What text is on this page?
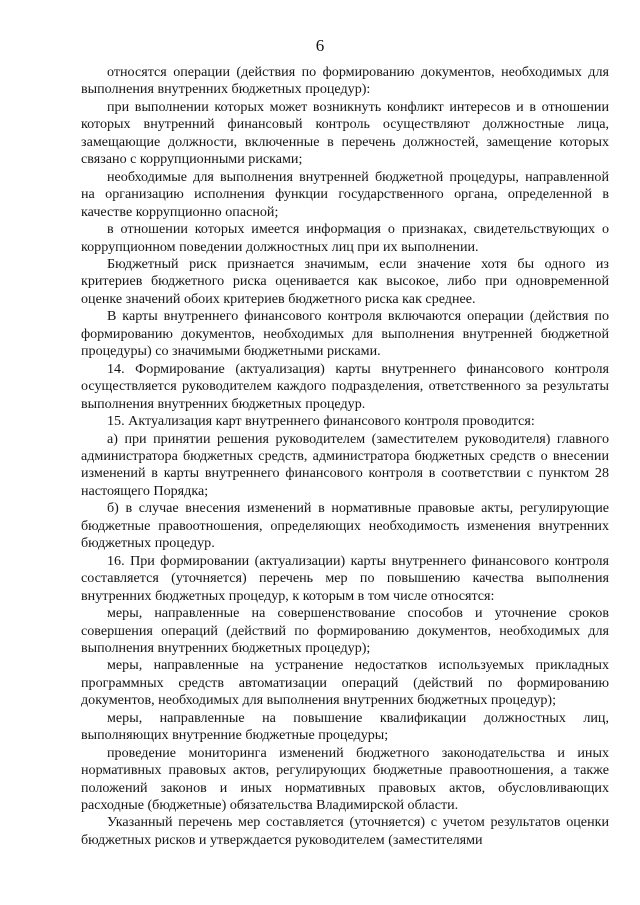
6

относятся операции (действия по формированию документов, необходимых для выполнения внутренних бюджетных процедур):

при выполнении которых может возникнуть конфликт интересов и в отношении которых внутренний финансовый контроль осуществляют должностные лица, замещающие должности, включенные в перечень должностей, замещение которых связано с коррупционными рисками;

необходимые для выполнения внутренней бюджетной процедуры, направленной на организацию исполнения функции государственного органа, определенной в качестве коррупционно опасной;

в отношении которых имеется информация о признаках, свидетельствующих о коррупционном поведении должностных лиц при их выполнении.

Бюджетный риск признается значимым, если значение хотя бы одного из критериев бюджетного риска оценивается как высокое, либо при одновременной оценке значений обоих критериев бюджетного риска как среднее.

В карты внутреннего финансового контроля включаются операции (действия по формированию документов, необходимых для выполнения внутренней бюджетной процедуры) со значимыми бюджетными рисками.

14. Формирование (актуализация) карты внутреннего финансового контроля осуществляется руководителем каждого подразделения, ответственного за результаты выполнения внутренних бюджетных процедур.

15. Актуализация карт внутреннего финансового контроля проводится:

а) при принятии решения руководителем (заместителем руководителя) главного администратора бюджетных средств, администратора бюджетных средств о внесении изменений в карты внутреннего финансового контроля в соответствии с пунктом 28 настоящего Порядка;

б) в случае внесения изменений в нормативные правовые акты, регулирующие бюджетные правоотношения, определяющих необходимость изменения внутренних бюджетных процедур.

16. При формировании (актуализации) карты внутреннего финансового контроля составляется (уточняется) перечень мер по повышению качества выполнения внутренних бюджетных процедур, к которым в том числе относятся:

меры, направленные на совершенствование способов и уточнение сроков совершения операций (действий по формированию документов, необходимых для выполнения внутренних бюджетных процедур);

меры, направленные на устранение недостатков используемых прикладных программных средств автоматизации операций (действий по формированию документов, необходимых для выполнения внутренних бюджетных процедур);

меры, направленные на повышение квалификации должностных лиц, выполняющих внутренние бюджетные процедуры;

проведение мониторинга изменений бюджетного законодательства и иных нормативных правовых актов, регулирующих бюджетные правоотношения, а также положений законов и иных нормативных правовых актов, обусловливающих расходные (бюджетные) обязательства Владимирской области.

Указанный перечень мер составляется (уточняется) с учетом результатов оценки бюджетных рисков и утверждается руководителем (заместителями
